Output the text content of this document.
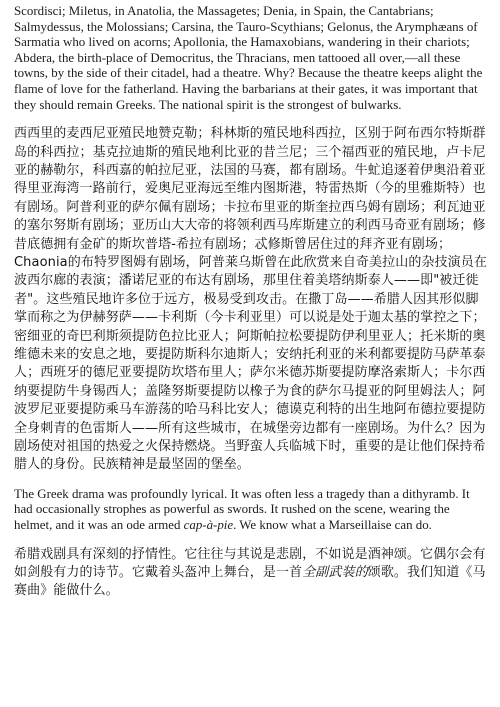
Scordisci; Miletus, in Anatolia, the Massagetes; Denia, in Spain, the Cantabrians; Salmydessus, the Molossians; Carsina, the Tauro-Scythians; Gelonus, the Arymphæans of Sarmatia who lived on acorns; Apollonia, the Hamaxobians, wandering in their chariots; Abdera, the birth-place of Democritus, the Thracians, men tattooed all over,—all these towns, by the side of their citadel, had a theatre. Why? Because the theatre keeps alight the flame of love for the fatherland. Having the barbarians at their gates, it was important that they should remain Greeks. The national spirit is the strongest of bulwarks.

西西里的麦西尼亚殖民地赞克勒；科林斯的殖民地科西拉，区别于阿布西尔特斯群岛的科西拉；基克拉迪斯的殖民地利比亚的昔兰尼；三个福西亚的殖民地，卢卡尼亚的赫勒尔，科西嘉的帕拉尼亚，法国的马赛，都有剧场。牛虻追逐着伊奥沿着亚得里亚海湾一路前行，爱奥尼亚海远至维内图斯港，特雷热斯（今的里雅斯特）也有剧场。阿普利亚的萨尔佩有剧场；卡拉布里亚的斯奎拉西乌姆有剧场；利瓦迪亚的塞尔努斯有剧场；亚历山大大帝的将领利西马库斯建立的利西马奇亚有剧场；修昔底德拥有金矿的斯坎普塔-希拉有剧场；忒修斯曾居住过的拜齐亚有剧场；Chaonia的布特罗图姆有剧场，阿普莱乌斯曾在此欣赏来自奇美拉山的杂技演员在波西尔廊的表演；潘诺尼亚的布达有剧场，那里住着美塔纳斯泰人——即"被迁徙者"。这些殖民地许多位于远方，极易受到攻击。在撒丁岛——希腊人因其形似脚掌而称之为伊赫努萨——卡利斯（今卡利亚里）可以说是处于迦太基的掌控之下；密细亚的奇巴利斯须提防色拉比亚人；阿斯帕拉松要提防伊利里亚人；托米斯的奥维德未来的安息之地，要提防斯科尔迪斯人；安纳托利亚的米利都要提防马萨革泰人；西班牙的德尼亚要提防坎塔布里人；萨尔米德苏斯要提防摩洛索斯人；卡尔西纳要提防牛身锡西人；盖隆努斯要提防以橡子为食的萨尔马提亚的阿里姆法人；阿波罗尼亚要提防乘马车游荡的哈马科比安人；德谟克利特的出生地阿布德拉要提防全身刺青的色雷斯人——所有这些城市，在城堡旁边都有一座剧场。为什么？因为剧场使对祖国的热爱之火保持燃烧。当野蛮人兵临城下时，重要的是让他们保持希腊人的身份。民族精神是最坚固的堡垒。

The Greek drama was profoundly lyrical. It was often less a tragedy than a dithyramb. It had occasionally strophes as powerful as swords. It rushed on the scene, wearing the helmet, and it was an ode armed cap-à-pie. We know what a Marseillaise can do.

希腊戏剧具有深刻的抒情性。它往往与其说是悲剧，不如说是酒神颂。它偶尔会有如剑般有力的诗节。它戴着头盔冲上舞台，是一首全副武装的颂歌。我们知道《马赛曲》能做什么。
